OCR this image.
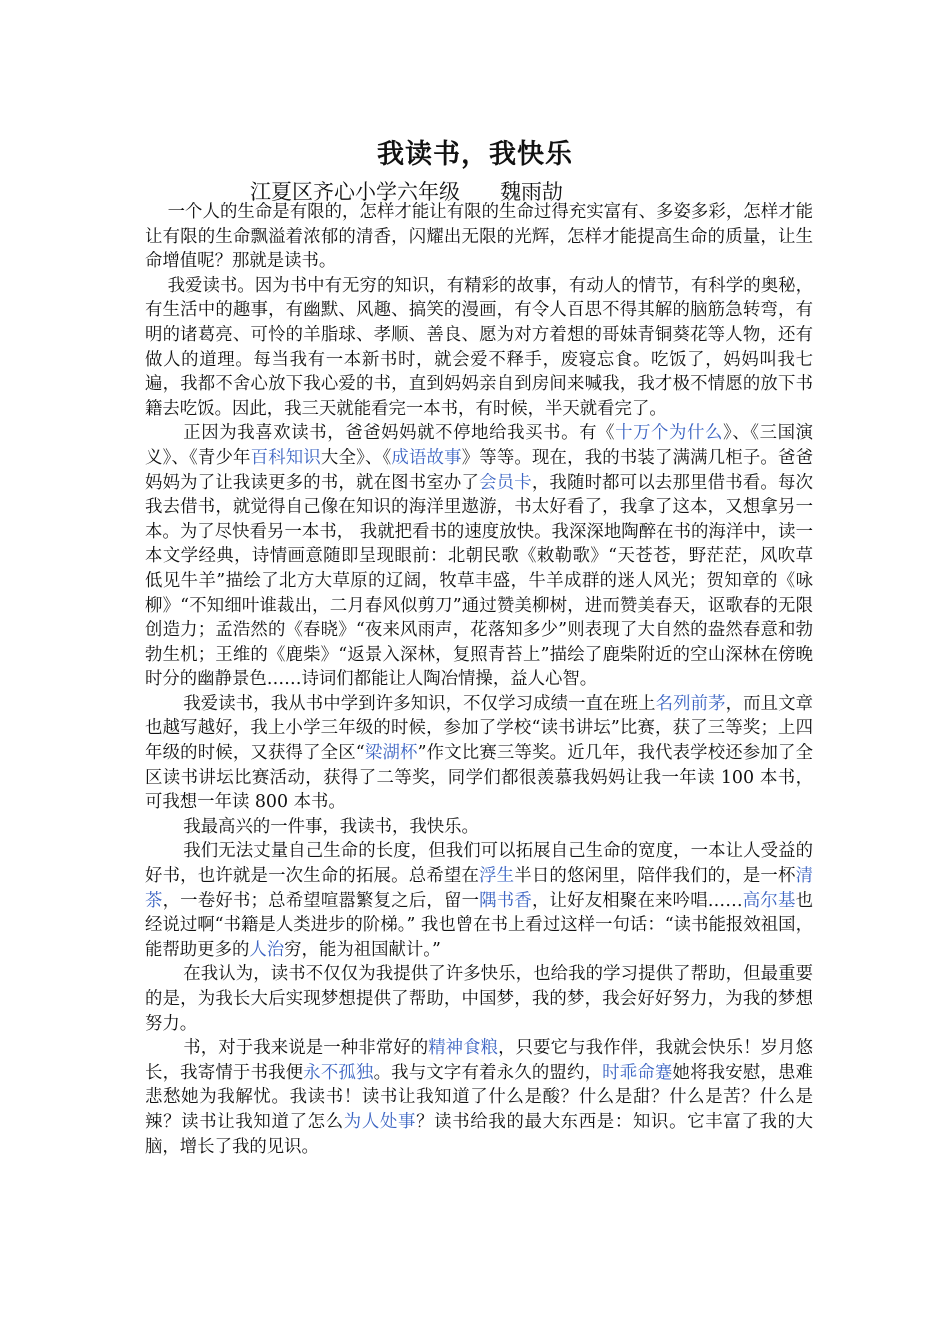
我读书，我快乐
江夏区齐心小学六年级 魏雨劼

一个人的生命是有限的，怎样才能让有限的生命过得充实富有、多姿多彩，怎样才能让有限的生命飘溢着浓郁的清香，闪耀出无限的光辉，怎样才能提高生命的质量，让生命增值呢？那就是读书。

我爱读书。因为书中有无穷的知识，有精彩的故事，有动人的情节，有科学的奥秘，有生活中的趣事，有幽默、风趣、搞笑的漫画，有令人百思不得其解的脑筋急转弯，有明的诸葛亮、可怜的羊脂球、孝顺、善良、愿为对方着想的哥妹青铜葵花等人物，还有做人的道理。每当我有一本新书时，就会爱不释手，废寝忘食。吃饭了，妈妈叫我七遍，我都不舍心放下我心爱的书，直到妈妈亲自到房间来喊我，我才极不情愿的放下书籍去吃饭。因此，我三天就能看完一本书，有时候，半天就看完了。

正因为我喜欢读书，爸爸妈妈就不停地给我买书。有《十万个为什么》、《三国演义》、《青少年百科知识大全》、《成语故事》等等。现在，我的书装了满满几柜子。爸爸妈妈为了让我读更多的书，就在图书室办了会员卡，我随时都可以去那里借书看。每次我去借书，就觉得自己像在知识的海洋里遨游，书太好看了，我拿了这本，又想拿另一本。为了尽快看另一本书， 我就把看书的速度放快。我深深地陶醉在书的海洋中，读一本文学经典，诗情画意随即呈现眼前：北朝民歌《敕勒歌》“天苍苍，野茫茫，风吹草低见牛羊”描绘了北方大草原的辽阔，牧草丰盛，牛羊成群的迷人风光；贺知章的《咏柳》“不知细叶谁裁出，二月春风似剪刀”通过赞美柳树，进而赞美春天，讴歌春的无限创造力；孟浩然的《春晓》“夜来风雨声，花落知多少”则表现了大自然的盎然春意和勃勃生机；王维的《鹿柴》“返景入深林，复照青苔上”描绘了鹿柴附近的空山深林在傍晚时分的幽静景色……诗词们都能让人陶冶情操，益人心智。

我爱读书，我从书中学到许多知识，不仅学习成绩一直在班上名列前茅，而且文章也越写越好，我上小学三年级的时候，参加了学校“读书讲坛”比赛，获了三等奖；上四年级的时候，又获得了全区“梁湖杯”作文比赛三等奖。近几年，我代表学校还参加了全区读书讲坛比赛活动，获得了二等奖，同学们都很羡慕我妈妈让我一年读 100 本书，可我想一年读 800 本书。

我最高兴的一件事，我读书，我快乐。

我们无法丈量自己生命的长度，但我们可以拓展自己生命的宽度，一本让人受益的好书，也许就是一次生命的拓展。总希望在浮生半日的悠闲里，陪伴我们的，是一杯清茶，一卷好书；总希望喧嚣繁复之后，留一隅书香，让好友相聚在来吟唱……高尔基也经说过啊“书籍是人类进步的阶梯。” 我也曾在书上看过这样一句话：“读书能报效祖国，能帮助更多的人治穷，能为祖国献计。”

在我认为，读书不仅仅为我提供了许多快乐，也给我的学习提供了帮助，但最重要的是，为我长大后实现梦想提供了帮助，中国梦，我的梦，我会好好努力，为我的梦想努力。

书，对于我来说是一种非常好的精神食粮，只要它与我作伴，我就会快乐！岁月悠长，我寄情于书我便永不孤独。我与文字有着永久的盟约，时乖命蹇她将我安慰，患难悲愁她为我解忧。我读书！读书让我知道了什么是酸？什么是甜？什么是苦？什么是辣？读书让我知道了怎么为人处事？读书给我的最大东西是：知识。它丰富了我的大脑，增长了我的见识。
